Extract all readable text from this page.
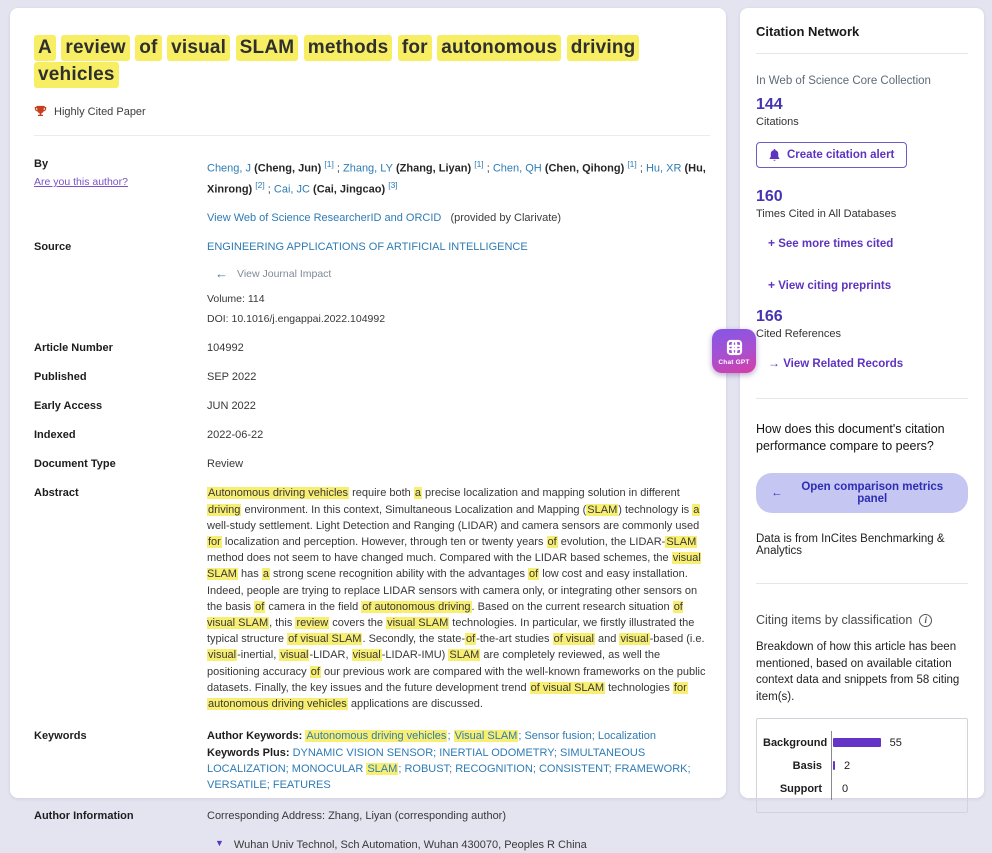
A review of visual SLAM methods for autonomous driving vehicles
Highly Cited Paper
By
Are you this author?
Cheng, J (Cheng, Jun) [1] ; Zhang, LY (Zhang, Liyan) [1] ; Chen, QH (Chen, Qihong) [1] ; Hu, XR (Hu, Xinrong) [2] ; Cai, JC (Cai, Jingcao) [3]
View Web of Science ResearcherID and ORCID (provided by Clarivate)
Source	ENGINEERING APPLICATIONS OF ARTIFICIAL INTELLIGENCE
← View Journal Impact
Volume: 114
DOI: 10.1016/j.engappai.2022.104992
Article Number	104992
Published	SEP 2022
Early Access	JUN 2022
Indexed	2022-06-22
Document Type	Review
Abstract	Autonomous driving vehicles require both a precise localization and mapping solution in different driving environment. In this context, Simultaneous Localization and Mapping (SLAM) technology is a well-study settlement. Light Detection and Ranging (LIDAR) and camera sensors are commonly used for localization and perception. However, through ten or twenty years of evolution, the LIDAR-SLAM method does not seem to have changed much. Compared with the LIDAR based schemes, the visual SLAM has a strong scene recognition ability with the advantages of low cost and easy installation. Indeed, people are trying to replace LIDAR sensors with camera only, or integrating other sensors on the basis of camera in the field of autonomous driving. Based on the current research situation of visual SLAM, this review covers the visual SLAM technologies. In particular, we firstly illustrated the typical structure of visual SLAM. Secondly, the state-of-the-art studies of visual and visual-based (i.e. visual-inertial, visual-LIDAR, visual-LIDAR-IMU) SLAM are completely reviewed, as well the positioning accuracy of our previous work are compared with the well-known frameworks on the public datasets. Finally, the key issues and the future development trend of visual SLAM technologies for autonomous driving vehicles applications are discussed.
Keywords	Author Keywords: Autonomous driving vehicles; Visual SLAM; Sensor fusion; Localization
Keywords Plus: DYNAMIC VISION SENSOR; INERTIAL ODOMETRY; SIMULTANEOUS LOCALIZATION; MONOCULAR SLAM; ROBUST; RECOGNITION; CONSISTENT; FRAMEWORK; VERSATILE; FEATURES
Author Information	Corresponding Address: Zhang, Liyan (corresponding author)
▼ Wuhan Univ Technol, Sch Automation, Wuhan 430070, Peoples R China
Citation Network
In Web of Science Core Collection
144
Citations
Create citation alert
160
Times Cited in All Databases
+ See more times cited
+ View citing preprints
166
Cited References
→ View Related Records
How does this document's citation performance compare to peers?
←	Open comparison metrics panel
Data is from InCites Benchmarking & Analytics
Citing items by classification	i
Breakdown of how this article has been mentioned, based on available citation context data and snippets from 58 citing item(s).
Background	55
Basis	2
Support	0
Chat GPT
